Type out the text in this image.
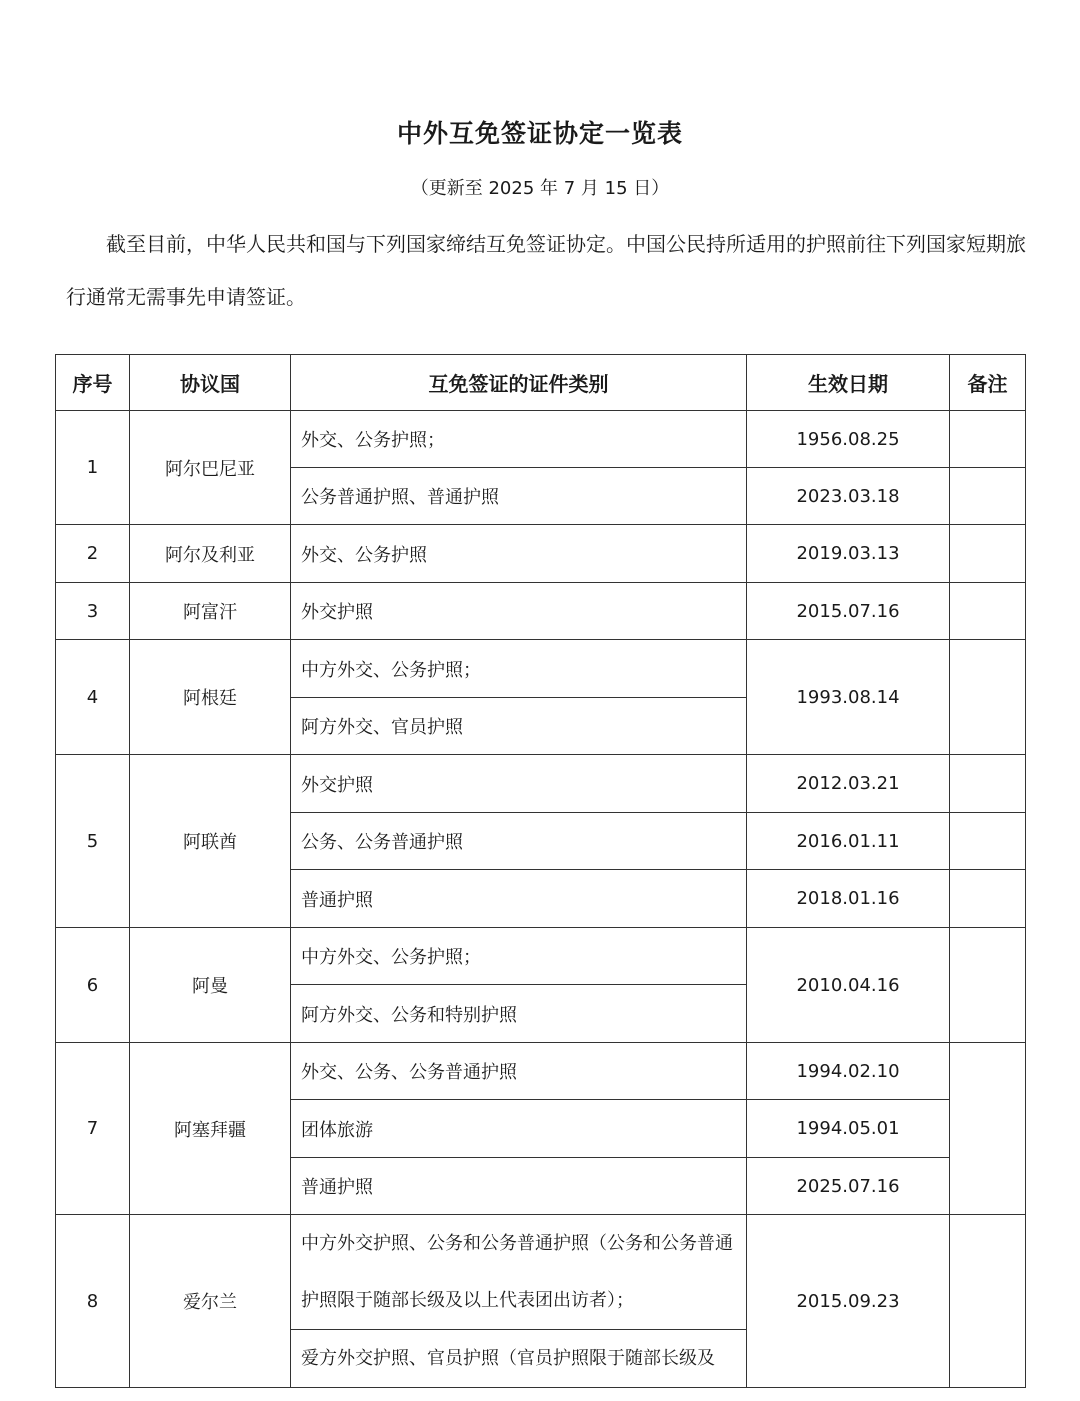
中外互免签证协定一览表
（更新至 2025 年 7 月 15 日）

截至目前，中华人民共和国与下列国家缔结互免签证协定。中国公民持所适用的护照前往下列国家短期旅行通常无需事先申请签证。

序号	协议国	互免签证的证件类别	生效日期	备注
1	阿尔巴尼亚	外交、公务护照；	1956.08.25	
		公务普通护照、普通护照	2023.03.18	
2	阿尔及利亚	外交、公务护照	2019.03.13	
3	阿富汗	外交护照	2015.07.16	
4	阿根廷	中方外交、公务护照；	1993.08.14	
		阿方外交、官员护照		
5	阿联酋	外交护照	2012.03.21	
		公务、公务普通护照	2016.01.11	
		普通护照	2018.01.16	
6	阿曼	中方外交、公务护照；	2010.04.16	
		阿方外交、公务和特别护照		
7	阿塞拜疆	外交、公务、公务普通护照	1994.02.10	
		团体旅游	1994.05.01	
		普通护照	2025.07.16	
8	爱尔兰	中方外交护照、公务和公务普通护照（公务和公务普通护照限于随部长级及以上代表团出访者）；	2015.09.23	
		爱方外交护照、官员护照（官员护照限于随部长级及		
